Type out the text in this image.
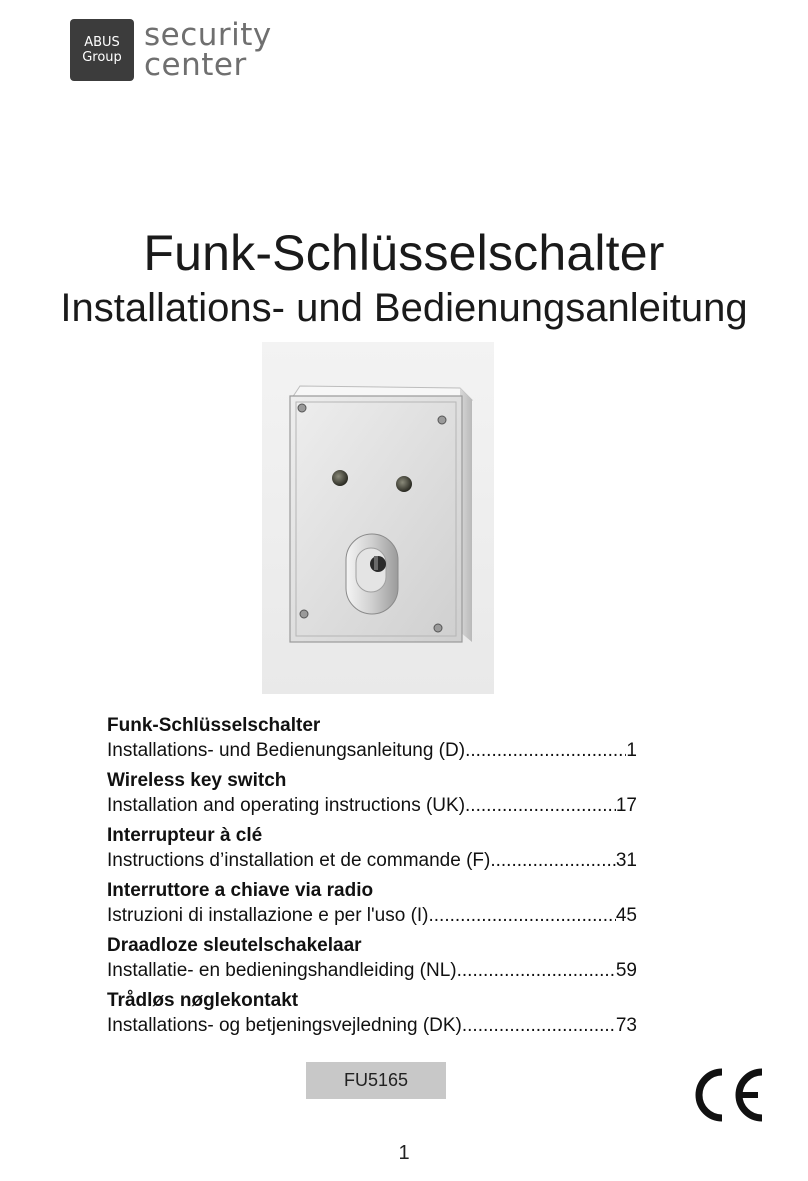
ABUS
Group
security
center
Funk-Schlüsselschalter
Installations- und Bedienungsanleitung
Funk-Schlüsselschalter
Installations- und Bedienungsanleitung (D) .....	1
Wireless key switch
Installation and operating instructions (UK) .....	17
Interrupteur à clé
Instructions d’installation et de commande (F) .....	31
Interruttore a chiave via radio
Istruzioni di installazione e per l'uso (I) .....	45
Draadloze sleutelschakelaar
Installatie- en bedieningshandleiding (NL) .....	59
Trådløs nøglekontakt
Installations- og betjeningsvejledning (DK) .....	73
FU5165
1
